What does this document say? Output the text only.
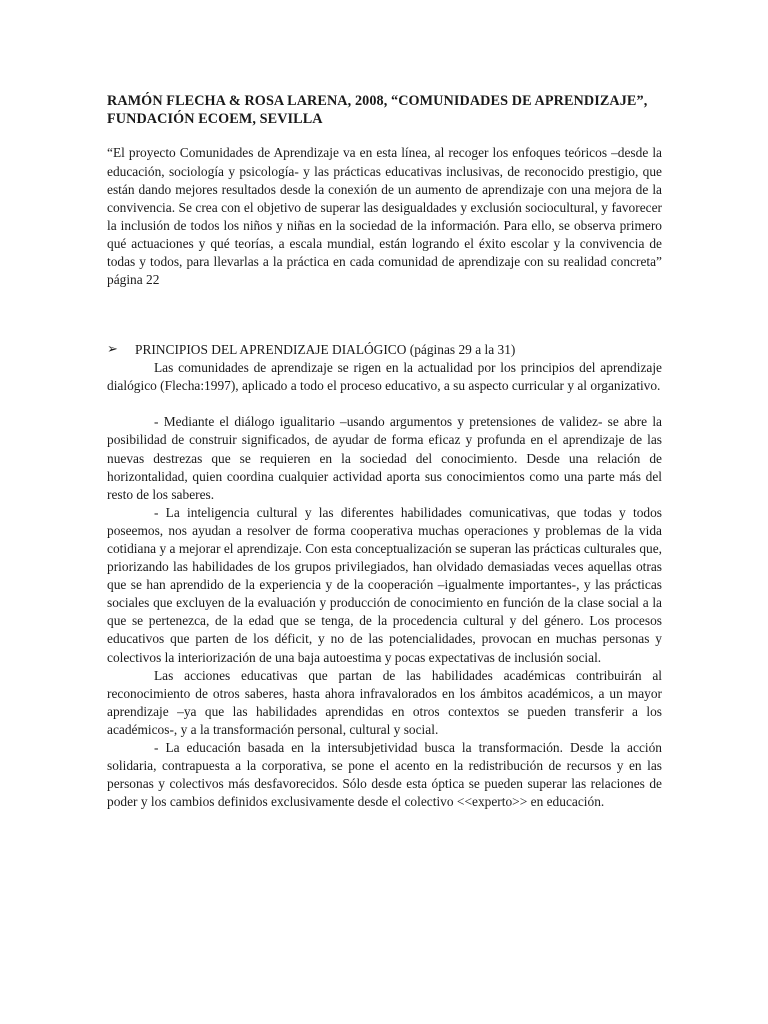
RAMÓN FLECHA & ROSA LARENA, 2008, “COMUNIDADES DE APRENDIZAJE”, FUNDACIÓN ECOEM, SEVILLA

“El proyecto Comunidades de Aprendizaje va en esta línea, al recoger los enfoques teóricos –desde la educación, sociología y psicología- y las prácticas educativas inclusivas, de reconocido prestigio, que están dando mejores resultados desde la conexión de un aumento de aprendizaje con una mejora de la convivencia. Se crea con el objetivo de superar las desigualdades y exclusión sociocultural, y favorecer la inclusión de todos los niños y niñas en la sociedad de la información. Para ello, se observa primero qué actuaciones y qué teorías, a escala mundial, están logrando el éxito escolar y la convivencia de todas y todos, para llevarlas a la práctica en cada comunidad de aprendizaje con su realidad concreta” página 22

➢ PRINCIPIOS DEL APRENDIZAJE DIALÓGICO (páginas 29 a la 31)

Las comunidades de aprendizaje se rigen en la actualidad por los principios del aprendizaje dialógico (Flecha:1997), aplicado a todo el proceso educativo, a su aspecto curricular y al organizativo.

- Mediante el diálogo igualitario –usando argumentos y pretensiones de validez- se abre la posibilidad de construir significados, de ayudar de forma eficaz y profunda en el aprendizaje de las nuevas destrezas que se requieren en la sociedad del conocimiento. Desde una relación de horizontalidad, quien coordina cualquier actividad aporta sus conocimientos como una parte más del resto de los saberes.

- La inteligencia cultural y las diferentes habilidades comunicativas, que todas y todos poseemos, nos ayudan a resolver de forma cooperativa muchas operaciones y problemas de la vida cotidiana y a mejorar el aprendizaje. Con esta conceptualización se superan las prácticas culturales que, priorizando las habilidades de los grupos privilegiados, han olvidado demasiadas veces aquellas otras que se han aprendido de la experiencia y de la cooperación –igualmente importantes-, y las prácticas sociales que excluyen de la evaluación y producción de conocimiento en función de la clase social a la que se pertenezca, de la edad que se tenga, de la procedencia cultural y del género. Los procesos educativos que parten de los déficit, y no de las potencialidades, provocan en muchas personas y colectivos la interiorización de una baja autoestima y pocas expectativas de inclusión social.

Las acciones educativas que partan de las habilidades académicas contribuirán al reconocimiento de otros saberes, hasta ahora infravalorados en los ámbitos académicos, a un mayor aprendizaje –ya que las habilidades aprendidas en otros contextos se pueden transferir a los académicos-, y a la transformación personal, cultural y social.

- La educación basada en la intersubjetividad busca la transformación. Desde la acción solidaria, contrapuesta a la corporativa, se pone el acento en la redistribución de recursos y en las personas y colectivos más desfavorecidos. Sólo desde esta óptica se pueden superar las relaciones de poder y los cambios definidos exclusivamente desde el colectivo <<experto>> en educación.
